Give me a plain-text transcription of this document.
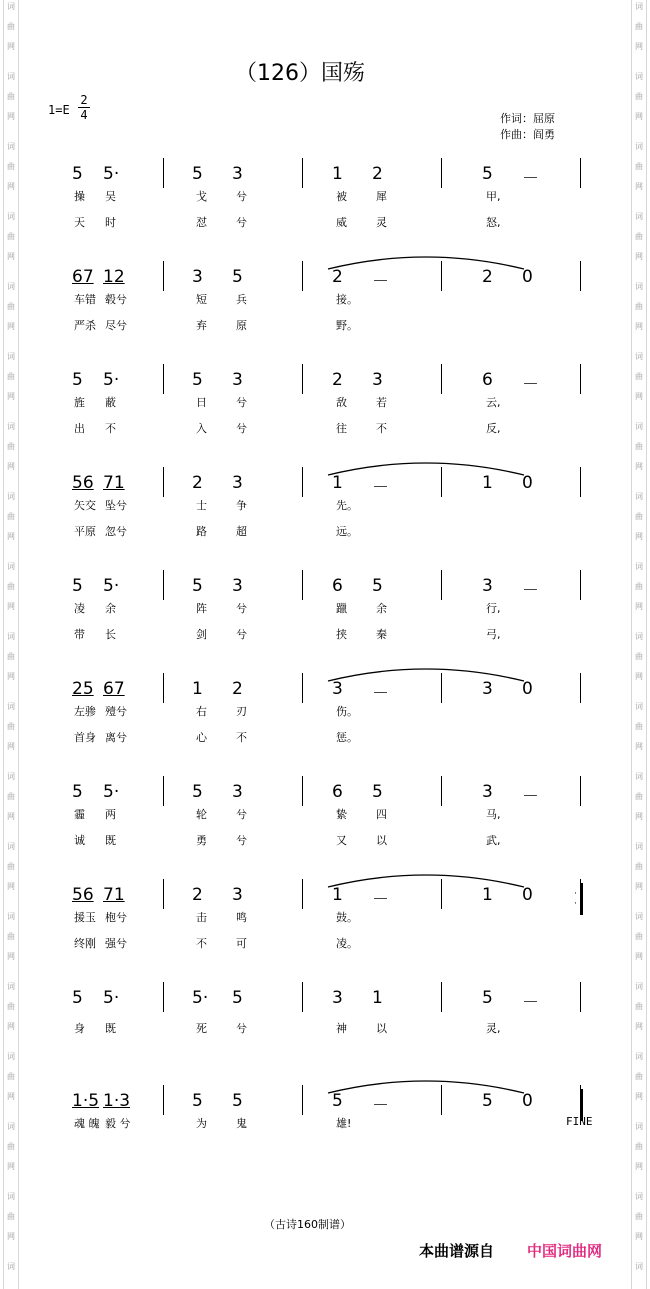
词
曲
网
词
曲
网
词
曲
网
词
曲
网
词
曲
网
词
曲
网
词
曲
网
词
曲
网
词
曲
网
词
曲
网
词
曲
网
词
曲
网
词
曲
网
词
曲
网
词
曲
网
词
曲
网
词
曲
网
词
曲
网
词
词
曲
网
词
曲
网
词
曲
网
词
曲
网
词
曲
网
词
曲
网
词
曲
网
词
曲
网
词
曲
网
词
曲
网
词
曲
网
词
曲
网
词
曲
网
词
曲
网
词
曲
网
词
曲
网
词
曲
网
词
曲
网
词
（126）国殇
$1=E \frac{2}{4}$	作词：屈原
作曲：阎勇
5 5·	5 3	1 2	5 －
操 吴	戈	兮	被	犀	甲,
天 时	怼	兮	威	灵	怒,
67 12	3 5	2 －	2 0
车错 毂兮	短	兵	接。
严杀 尽兮	弃	原	野。
5 5·	5 3	2 3	6 －
旌 蔽	日	兮	敌	若	云,
出 不	入	兮	往	不	反,
56 71	2 3	1 －	1 0
矢交 坠兮	士	争	先。
平原 忽兮	路	超	远。
5 5·	5 3	6 5	3 －
凌 余	阵	兮	躐	余	行,
带 长	剑	兮	挟	秦	弓,
25 67	1 2	3 －	3 0
左骖 殪兮	右	刃	伤。
首身 离兮	心	不	惩。
5 5·	5 3	6 5	3 －
霾 两	轮	兮	絷	四	马,
诚 既	勇	兮	又	以	武,
56 71	2 3	1 －	1 0
援玉 枹兮	击	鸣	鼓。
终刚 强兮	不	可	凌。
·
·
5 5·	5· 5	3 1	5 －
身 既	死	兮	神	以	灵,
1·5 1·3	5 5	5 －	5 0
魂 魄 毅 兮	为	鬼	雄!	FINE
（古诗160制谱）
本曲谱源自 中国词曲网
